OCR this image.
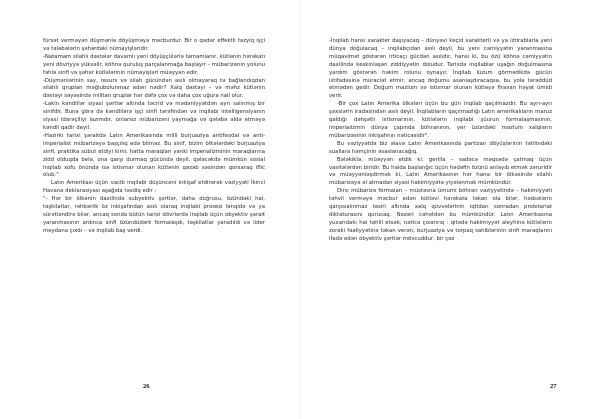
fürsət verməyən düşmənlə döyüşməyə məcburdur. Bir o qədər effektli təzyiq işçi və tələbələrin şəhərdəki nümayişləridir.

-Natamam silahlı dəstələr davamlı yeni döyüşçülərlə tamamlanır, kütlənin hərəkatı yeni dövriyyə yüksəlir, köhnə quruluş parçalanmağa başlayır – mübarizənin yolunu fəhlə sinfi və şəhər kütlələrinin nümayişləri müəyyən edir.

-Düşmənlərinin say, resurs və silah gücündən asılı olmayaraq tə bağlandıqdan silahlı qruplan məğlubolunmaz edən nədir? Xalq dəstəyi – və məhz kütlənin dəstəyi səyəsində militan qruplar hər dəfə çox və daha çox uğura nail olur.

-Lakin kəndlilər siyasi şərtlər altında təcrid və mədəniyyətdən ayrı salınmış bir sinifdir. Buna görə də kəndlilərə işçi sinfi tərəfindən və inqilabi intelligensiyanın siyasi idarəçiliyi lazımdır, onlarsız mübarizəni yaymağa və qələbə əldə etməyə kəndli qadir deyil.

-Hazırkı tarixi şəraitdə Latın Amerikasında milli burjuaziya antifeodal və anti-imperialist mübarizəyə başçılıq edə bilməz. Bu sinif, bizim ölkələrdəki burjuaziya sinfi, praktika sübut etdiyi kimi, hətta maraqları yanki imperializminin maraqlarına zidd olduqda belə, ona qarşı durmaq gücündə deyil, qələcəkdə mümkün sosial inqilab xofu önündə isə istismar olunan kütlənin qəzəb səsindən qorxaraq iflic olub."

Latın Amerikası üçün vacib inqilabi düşüncəni inkişaf etdirərək vəziyyəti İkinci Havana deklarasiyası aşağıda təsdiq edir :

"- Hər bir ölkənin daxilində subyektiv şərtlər, daha doğrusu, özündəki hal, təşkilatlar, rəhbərlik öz inkişafından asılı olaraq inqilabi prosesi lənqidə və ya sürətləndirə bilər, ancaq sonda bütün tarixi dövrlərdə inqilab üçün obyektiv şərait yaranmasının ardınca sinfi özündüdərk formalaşdı, təşkilatlar yaradıldı və lider meydana çıxdı – və inqilab baş verdi.

26

-İnqilab hansı xarakter daşıyacaq – dünyəvi keçid xarakterli və ya iztirablarla yeni dünya doğulacaq – inqilabçıdan asılı deyil, bu yeni cəmiyyətin yaranmasına müqavimət göstərən irticaçı gücdən asılıdır, hansı ki, bu özü köhnə cəmiyyətin daxilində keskinləşən ziddiyyətin doludur. Tarixdə inqilablar uşağın doğulmasına yardım göstərən həkim rolunu oynayır. İnqilab lüzum görmədikdə gücün istifadəsinə müraciət etmir, ancaq doğumu asanlaşdıracaqsa, bu yola tərəddüd etmədən gedir. Doğum mazlum və istismar olunan kütləyə firavan həyat ümidi verir.

-Bir çox Latın Amerika ölkələri üçün bu gün inqilab qaçılmazdır. Bu ayrı-ayrı şəxslərin iradəsindən asılı deyil. İnqilabların qaçılmazlığı Latın amerikalıların maruz qaldığı dəhşətli istismarının, kütlələrin inqilabi şüurun formalaşmasının, imperializmin dünya çapında böhranının, yer üzündəki məzlum xalqların mübarizəsinin inkişafının nəticəsidir".

Bu vəziyyətdə biz əlavə Latın Amerikasında partizan döyüşlərinin tətilindəki suallara həmçinin əsaslanacağıq.

Bələkiklə, müəyyən etdik ki, gerilla – sadəcə məqsədə çatmaq üçün vasitələrdən biridir. Bu halda başlanğıc üçün hədəfin özünü anlayıb etmək zəruridir və müəyyənləşdirmək ki, Latın Amerikasının hər hansı bir ölkəsində silahlı mübarizəyə əl atmadan siyasi hakimiyyətə yiyələnmək mümkündür.

Dinc mübarizə formaları – müstəsna ümumi böhran vəziyyətində – hakimiyyəti təhvil verməyə məcbur edən kütləvi hərəkata təkan ola bilər, hədsələrin qarşısıalınmaz təsiri altında xalq qüvvələrinin iqtidarı sonradan proletariat diktaturasını qurucaq. Nəzəri cəhətdən bu mümkündür. Latın Amerikasına yuxarıdakı hal təhlil etsək, nəticə çıxarırıq : qitədə hakimiyyət aleyhinə kütlələrin zoraki fəaliyyətinə təkan verən, burjuaziya və torpaq sahiblərinin sinfi maraqlarını ifadə edən obyektiv şərtlər mövcuddur, bir çox

27
